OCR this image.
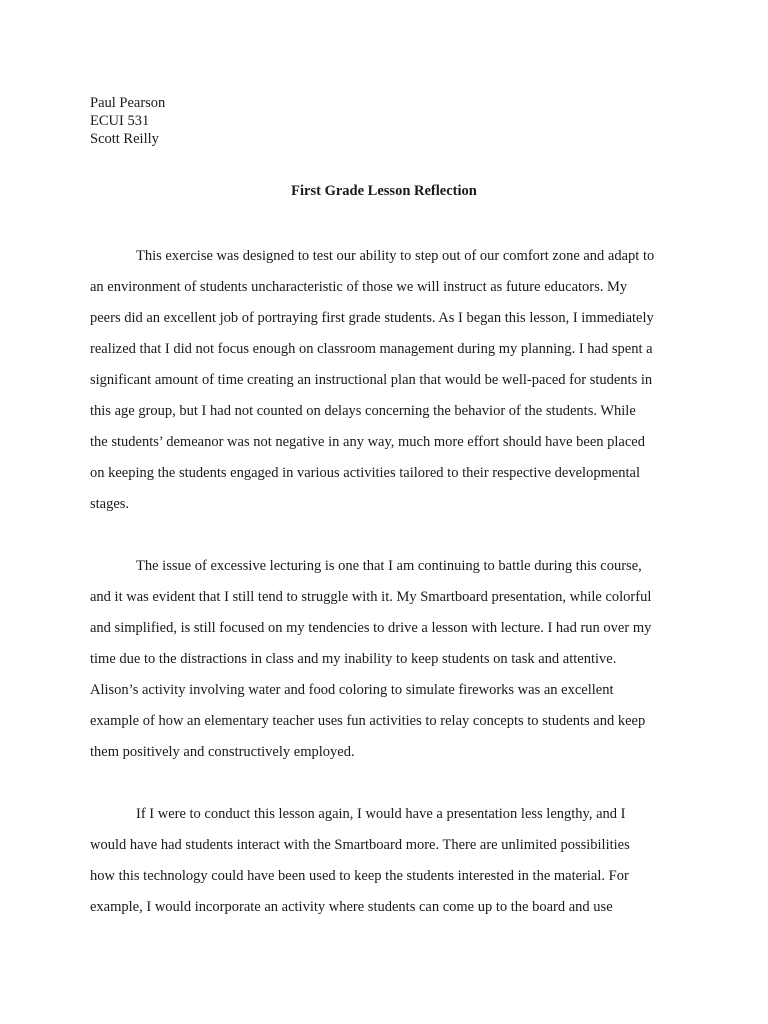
Paul Pearson
ECUI 531
Scott Reilly
First Grade Lesson Reflection
This exercise was designed to test our ability to step out of our comfort zone and adapt to
an environment of students uncharacteristic of those we will instruct as future educators. My
peers did an excellent job of portraying first grade students. As I began this lesson, I immediately
realized that I did not focus enough on classroom management during my planning. I had spent a
significant amount of time creating an instructional plan that would be well-paced for students in
this age group, but I had not counted on delays concerning the behavior of the students. While
the students’ demeanor was not negative in any way, much more effort should have been placed
on keeping the students engaged in various activities tailored to their respective developmental
stages.
The issue of excessive lecturing is one that I am continuing to battle during this course,
and it was evident that I still tend to struggle with it. My Smartboard presentation, while colorful
and simplified, is still focused on my tendencies to drive a lesson with lecture. I had run over my
time due to the distractions in class and my inability to keep students on task and attentive.
Alison’s activity involving water and food coloring to simulate fireworks was an excellent
example of how an elementary teacher uses fun activities to relay concepts to students and keep
them positively and constructively employed.
If I were to conduct this lesson again, I would have a presentation less lengthy, and I
would have had students interact with the Smartboard more. There are unlimited possibilities
how this technology could have been used to keep the students interested in the material. For
example, I would incorporate an activity where students can come up to the board and use
